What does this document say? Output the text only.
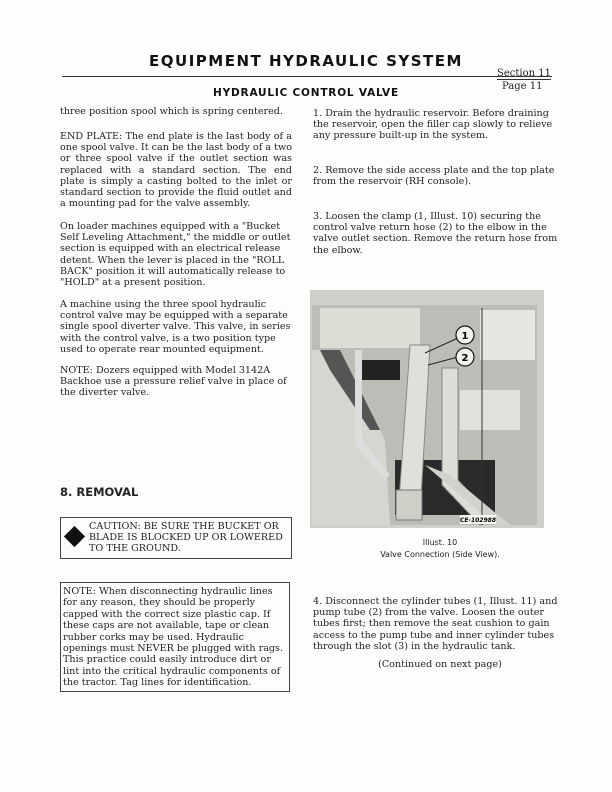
EQUIPMENT HYDRAULIC SYSTEM
Section 11
Page 11
HYDRAULIC CONTROL VALVE

three position spool which is spring centered.

END PLATE: The end plate is the last body of a one spool valve. It can be the last body of a two or three spool valve if the outlet section was replaced with a standard section. The end plate is simply a casting bolted to the inlet or standard section to provide the fluid outlet and a mounting pad for the valve assembly.

On loader machines equipped with a "Bucket Self Leveling Attachment," the middle or outlet section is equipped with an electrical release detent. When the lever is placed in the "ROLL BACK" position it will automatically release to "HOLD" at a present position.

A machine using the three spool hydraulic control valve may be equipped with a separate single spool diverter valve. This valve, in series with the control valve, is a two position type used to operate rear mounted equipment.

NOTE: Dozers equipped with Model 3142A Backhoe use a pressure relief valve in place of the diverter valve.

8. REMOVAL
CAUTION: BE SURE THE BUCKET OR BLADE IS BLOCKED UP OR LOWERED TO THE GROUND.
NOTE: When disconnecting hydraulic lines for any reason, they should be properly capped with the correct size plastic cap. If these caps are not available, tape or clean rubber corks may be used. Hydraulic openings must NEVER be plugged with rags. This practice could easily introduce dirt or lint into the critical hydraulic components of the tractor. Tag lines for identification.

1. Drain the hydraulic reservoir. Before draining the reservoir, open the filler cap slowly to relieve any pressure built-up in the system.

2. Remove the side access plate and the top plate from the reservoir (RH console).

3. Loosen the clamp (1, Illust. 10) securing the control valve return hose (2) to the elbow in the valve outlet section. Remove the return hose from the elbow.

1
2
CE-102988
Illust. 10
Valve Connection (Side View).

4. Disconnect the cylinder tubes (1, Illust. 11) and pump tube (2) from the valve. Loosen the outer tubes first; then remove the seat cushion to gain access to the pump tube and inner cylinder tubes through the slot (3) in the hydraulic tank.

(Continued on next page)
